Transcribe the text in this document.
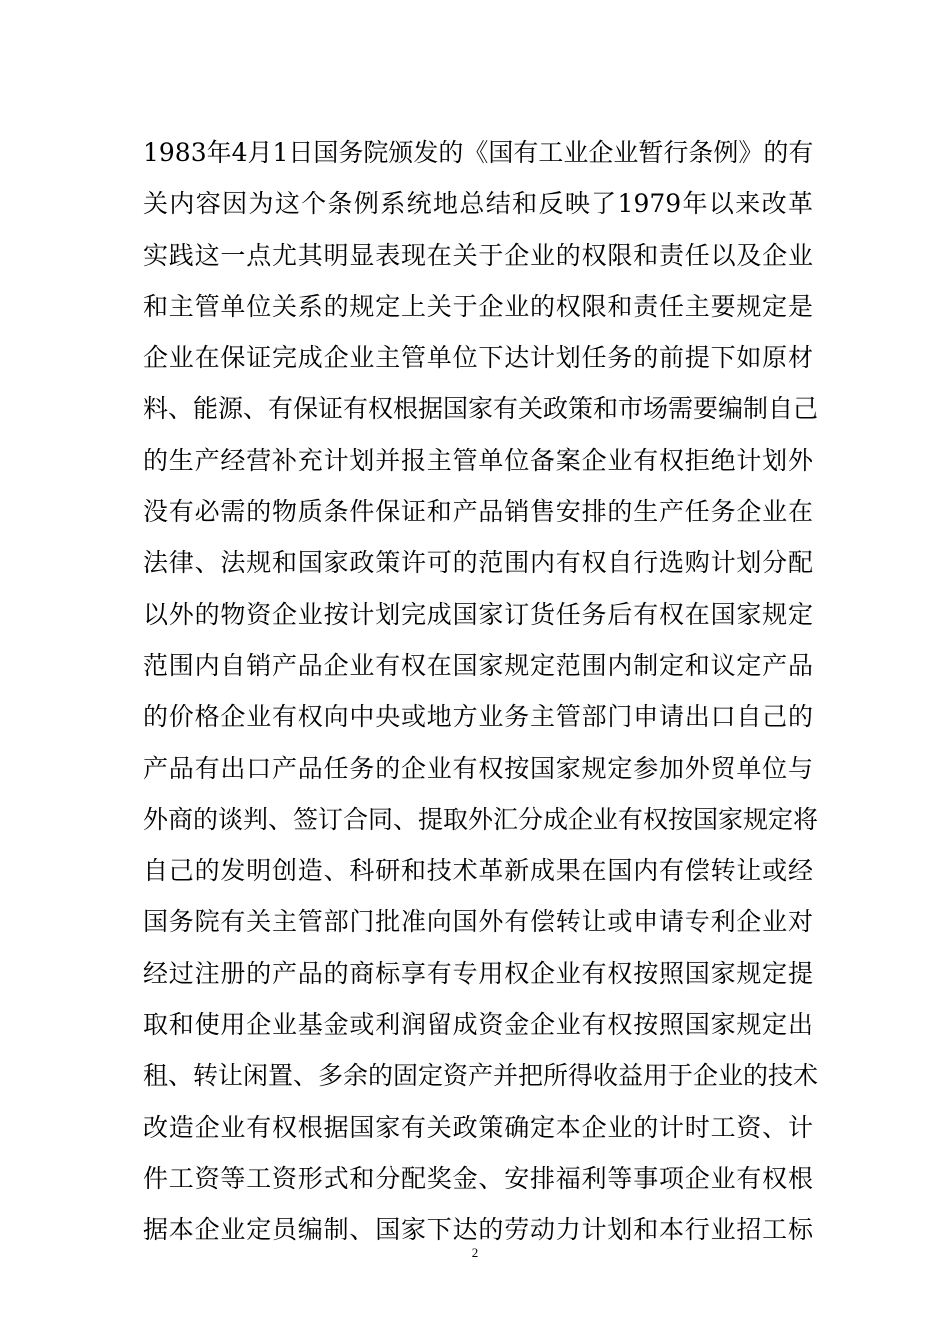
1983年4月1日国务院颁发的《国有工业企业暂行条例》的有
关内容因为这个条例系统地总结和反映了1979年以来改革
实践这一点尤其明显表现在关于企业的权限和责任以及企业
和主管单位关系的规定上关于企业的权限和责任主要规定是
企业在保证完成企业主管单位下达计划任务的前提下如原材
料、能源、有保证有权根据国家有关政策和市场需要编制自己
的生产经营补充计划并报主管单位备案企业有权拒绝计划外
没有必需的物质条件保证和产品销售安排的生产任务企业在
法律、法规和国家政策许可的范围内有权自行选购计划分配
以外的物资企业按计划完成国家订货任务后有权在国家规定
范围内自销产品企业有权在国家规定范围内制定和议定产品
的价格企业有权向中央或地方业务主管部门申请出口自己的
产品有出口产品任务的企业有权按国家规定参加外贸单位与
外商的谈判、签订合同、提取外汇分成企业有权按国家规定将
自己的发明创造、科研和技术革新成果在国内有偿转让或经
国务院有关主管部门批准向国外有偿转让或申请专利企业对
经过注册的产品的商标享有专用权企业有权按照国家规定提
取和使用企业基金或利润留成资金企业有权按照国家规定出
租、转让闲置、多余的固定资产并把所得收益用于企业的技术
改造企业有权根据国家有关政策确定本企业的计时工资、计
件工资等工资形式和分配奖金、安排福利等事项企业有权根
据本企业定员编制、国家下达的劳动力计划和本行业招工标
2
